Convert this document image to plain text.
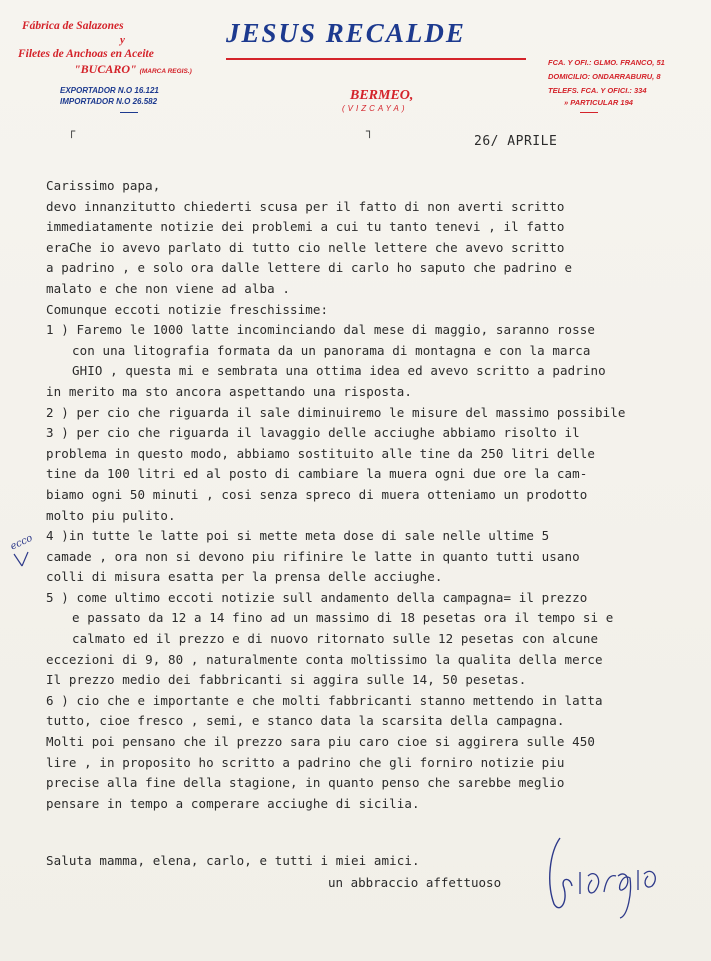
Fábrica de Salazones
y
Filetes de Anchoas en Aceite
"BUCARO" (MARCA REGIS.)
EXPORTADOR N.O 16.121
IMPORTADOR N.O 26.582
JESUS RECALDE
BERMEO,
(VIZCAYA)
FCA. Y OFI.: GLMO. FRANCO, 51
DOMICILIO: ONDARRABURU, 8
TELEFS. FCA. Y OFICI.: 334
» PARTICULAR 194
┌	┐
26/ APRILE
Carissimo papa,
devo innanzitutto chiederti scusa per il fatto di non averti scritto
immediatamente notizie dei problemi a cui tu tanto tenevi , il fatto
eraChe io avevo parlato di tutto cio nelle lettere che avevo scritto
a padrino , e solo ora dalle lettere di carlo ho saputo che padrino e
malato e che non viene ad alba .
Comunque eccoti notizie freschissime:
1 ) Faremo le 1000 latte incominciando dal mese di maggio, saranno rosse
con una litografia formata da un panorama di montagna e con la marca
GHIO , questa mi e sembrata una ottima idea ed avevo scritto a padrino
in merito ma sto ancora aspettando una risposta.
2 ) per cio che riguarda il sale diminuiremo le misure del massimo possibile
3 ) per cio che riguarda il lavaggio delle acciughe abbiamo risolto il
problema in questo modo, abbiamo sostituito alle tine da 250 litri delle
tine da 100 litri ed al posto di cambiare la muera ogni due ore la cam-
biamo ogni 50 minuti , cosi senza spreco di muera otteniamo un prodotto
molto piu pulito.
4 )in tutte le latte poi si mette meta dose di sale nelle ultime 5
camade , ora non si devono piu rifinire le latte in quanto tutti usano
colli di misura esatta per la prensa delle acciughe.
5 ) come ultimo eccoti notizie sull andamento della campagna= il prezzo
e passato da 12 a 14 fino ad un massimo di 18 pesetas ora il tempo si e
calmato ed il prezzo e di nuovo ritornato sulle 12 pesetas con alcune
eccezioni di 9, 80 , naturalmente conta moltissimo la qualita della merce
Il prezzo medio dei fabbricanti si aggira sulle 14, 50 pesetas.
6 ) cio che e importante e che molti fabbricanti stanno mettendo in latta
tutto, cioe fresco , semi, e stanco data la scarsita della campagna.
Molti poi pensano che il prezzo sara piu caro cioe si aggirera sulle 450
lire , in proposito ho scritto a padrino che gli forniro notizie piu
precise alla fine della stagione, in quanto penso che sarebbe meglio
pensare in tempo a comperare acciughe di sicilia.
Saluta mamma, elena, carlo, e tutti i miei amici.
un abbraccio affettuoso
ecco
